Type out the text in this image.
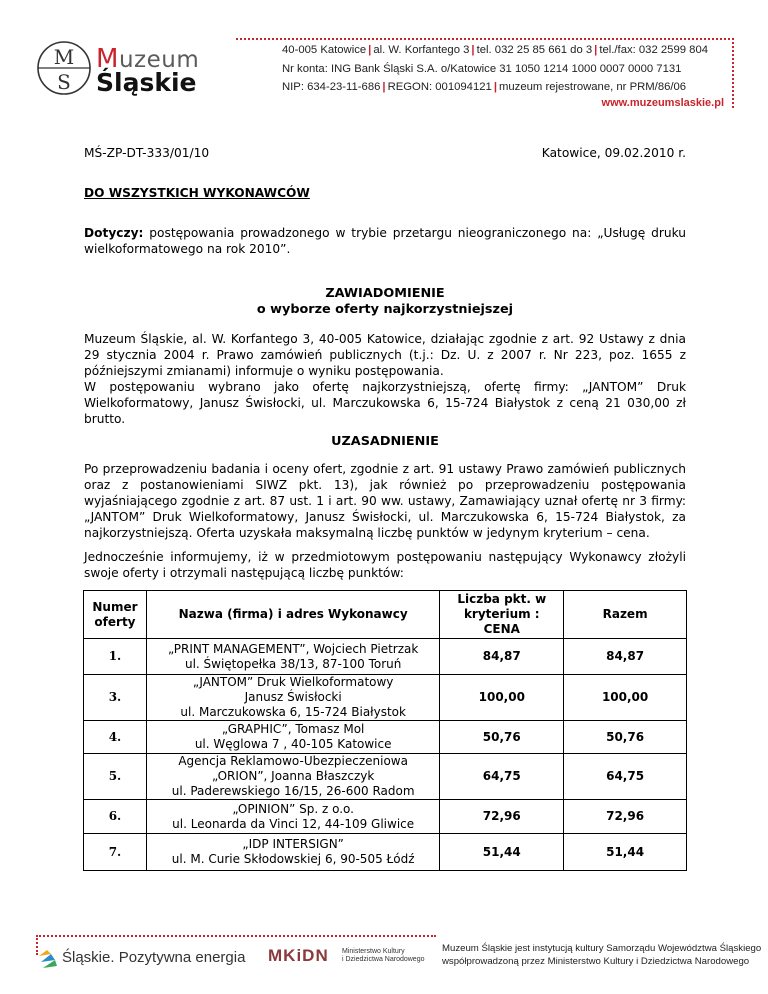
M
S
Muzeum
Śląskie
40-005 Katowice | al. W. Korfantego 3 | tel. 032 25 85 661 do 3 | tel./fax: 032 2599 804
Nr konta: ING Bank Śląski S.A. o/Katowice 31 1050 1214 1000 0007 0000 7131
NIP: 634-23-11-686 | REGON: 001094121 | muzeum rejestrowane, nr PRM/86/06
www.muzeumslaskie.pl
MŚ-ZP-DT-333/01/10	Katowice, 09.02.2010 r.
DO WSZYSTKICH WYKONAWCÓW
Dotyczy: postępowania prowadzonego w trybie przetargu nieograniczonego na: „Usługę druku wielkoformatowego na rok 2010”.
ZAWIADOMIENIE
o wyborze oferty najkorzystniejszej
Muzeum Śląskie, al. W. Korfantego 3, 40-005 Katowice, działając zgodnie z art. 92 Ustawy z dnia 29 stycznia 2004 r. Prawo zamówień publicznych (t.j.: Dz. U. z 2007 r. Nr 223, poz. 1655 z późniejszymi zmianami) informuje o wyniku postępowania.
W postępowaniu wybrano jako ofertę najkorzystniejszą, ofertę firmy: „JANTOM” Druk Wielkoformatowy, Janusz Świsłocki, ul. Marczukowska 6, 15-724 Białystok z ceną 21 030,00 zł brutto.
UZASADNIENIE
Po przeprowadzeniu badania i oceny ofert, zgodnie z art. 91 ustawy Prawo zamówień publicznych oraz z postanowieniami SIWZ pkt. 13), jak również po przeprowadzeniu postępowania wyjaśniającego zgodnie z art. 87 ust. 1 i art. 90 ww. ustawy, Zamawiający uznał ofertę nr 3 firmy: „JANTOM” Druk Wielkoformatowy, Janusz Świsłocki, ul. Marczukowska 6, 15-724 Białystok, za najkorzystniejszą. Oferta uzyskała maksymalną liczbę punktów w jedynym kryterium – cena.
Jednocześnie informujemy, iż w przedmiotowym postępowaniu następujący Wykonawcy złożyli swoje oferty i otrzymali następującą liczbę punktów:
Numer
oferty	Nazwa (firma) i adres Wykonawcy	Liczba pkt. w
kryterium :
CENA	Razem
1.	„PRINT MANAGEMENT”, Wojciech Pietrzak
ul. Świętopełka 38/13, 87-100 Toruń	84,87	84,87
3.	„JANTOM” Druk Wielkoformatowy
Janusz Świsłocki
ul. Marczukowska 6, 15-724 Białystok	100,00	100,00
4.	„GRAPHIC”, Tomasz Mol
ul. Węglowa 7 , 40-105 Katowice	50,76	50,76
5.	Agencja Reklamowo-Ubezpieczeniowa
„ORION”, Joanna Błaszczyk
ul. Paderewskiego 16/15, 26-600 Radom	64,75	64,75
6.	„OPINION” Sp. z o.o.
ul. Leonarda da Vinci 12, 44-109 Gliwice	72,96	72,96
7.	„IDP INTERSIGN”
ul. M. Curie Skłodowskiej 6, 90-505 Łódź	51,44	51,44
Śląskie. Pozytywna energia MKiDN Ministerstwo Kultury
i Dziedzictwa Narodowego
Muzeum Śląskie jest instytucją kultury Samorządu Województwa Śląskiego
współprowadzoną przez Ministerstwo Kultury i Dziedzictwa Narodowego
